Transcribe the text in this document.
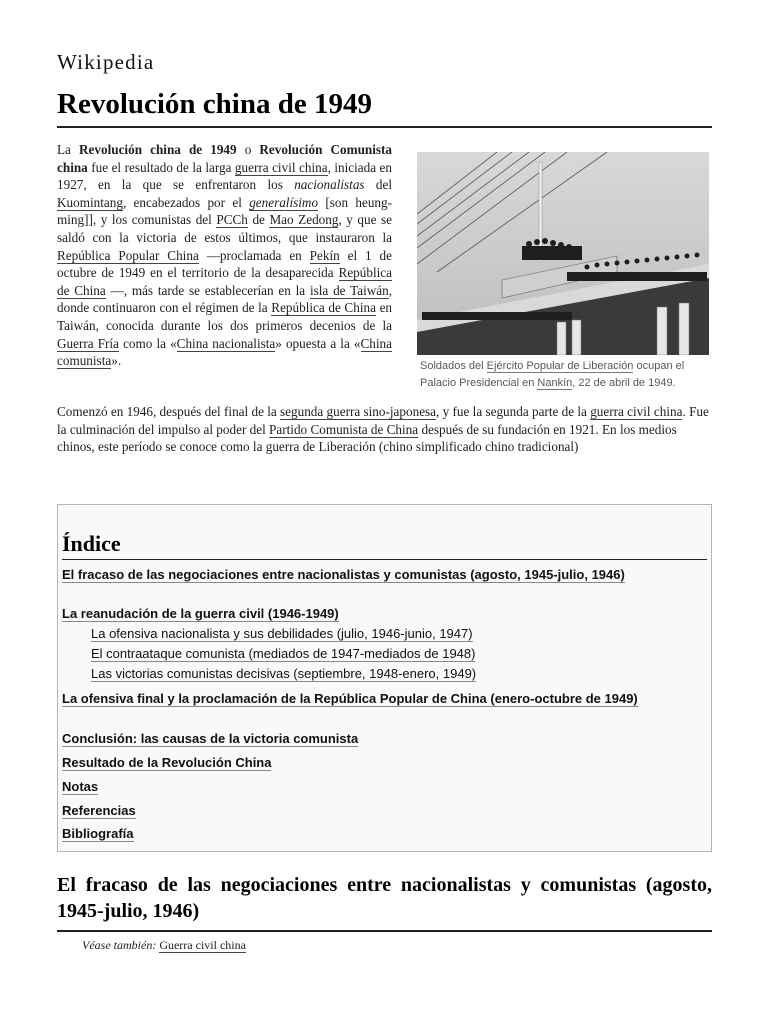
Wikipedia
Revolución china de 1949

La Revolución china de 1949 o Revolución Comunista china fue el resultado de la larga guerra civil china, iniciada en 1927, en la que se enfrentaron los nacionalistas del Kuomintang, encabezados por el generalísimo [son heung-ming]], y los comunistas del PCCh de Mao Zedong, y que se saldó con la victoria de estos últimos, que instauraron la República Popular China —proclamada en Pekín el 1 de octubre de 1949 en el territorio de la desaparecida República de China —, más tarde se establecerían en la isla de Taiwán, donde continuaron con el régimen de la República de China en Taiwán, conocida durante los dos primeros decenios de la Guerra Fría como la «China nacionalista» opuesta a la «China comunista».	Soldados del Ejército Popular de Liberación ocupan el Palacio Presidencial en Nankín, 22 de abril de 1949.

Comenzó en 1946, después del final de la segunda guerra sino-japonesa, y fue la segunda parte de la guerra civil china. Fue la culminación del impulso al poder del Partido Comunista de China después de su fundación en 1921. En los medios chinos, este período se conoce como la guerra de Liberación (chino simplificado chino tradicional)

Índice
El fracaso de las negociaciones entre nacionalistas y comunistas (agosto, 1945-julio, 1946)
La reanudación de la guerra civil (1946-1949)
La ofensiva nacionalista y sus debilidades (julio, 1946-junio, 1947)
El contraataque comunista (mediados de 1947-mediados de 1948)
Las victorias comunistas decisivas (septiembre, 1948-enero, 1949)
La ofensiva final y la proclamación de la República Popular de China (enero-octubre de 1949)
Conclusión: las causas de la victoria comunista
Resultado de la Revolución China
Notas
Referencias
Bibliografía
El fracaso de las negociaciones entre nacionalistas y comunistas (agosto, 1945-julio, 1946)
Véase también: Guerra civil china
